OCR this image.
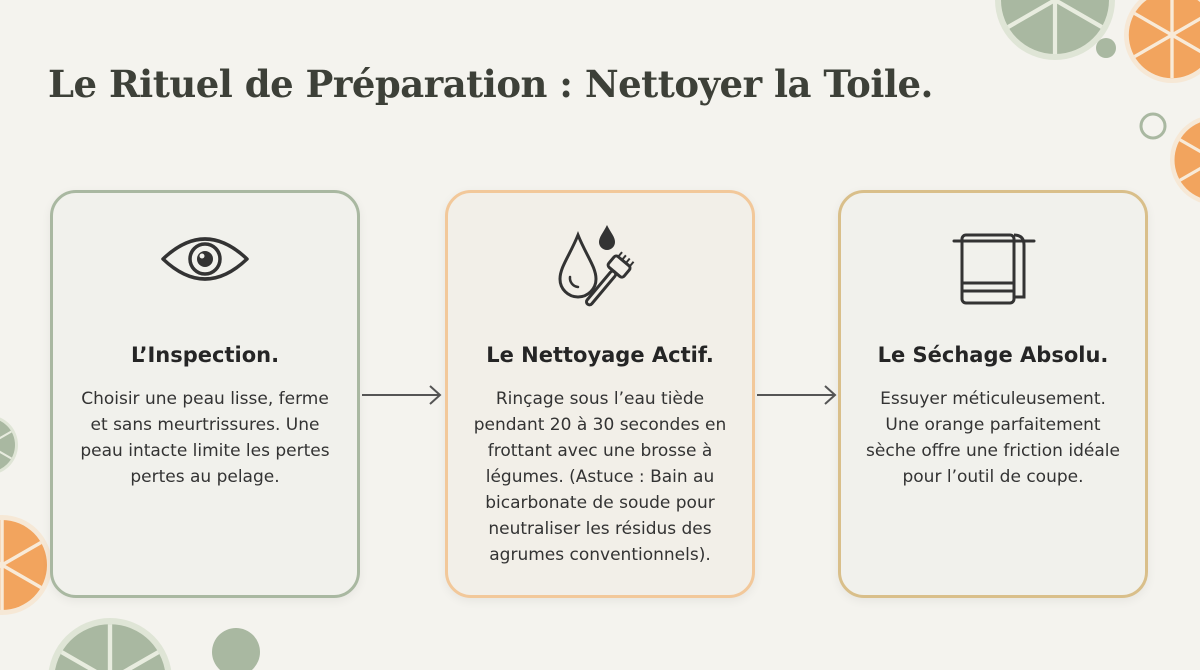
Le Rituel de Préparation : Nettoyer la Toile.
L’Inspection.

Choisir une peau lisse, ferme et sans meurtrissures. Une peau intacte limite les pertes pertes au pelage.

Le Nettoyage Actif.

Rinçage sous l’eau tiède pendant 20 à 30 secondes en frottant avec une brosse à légumes. (Astuce : Bain au bicarbonate de soude pour neutraliser les résidus des agrumes conventionnels).

Le Séchage Absolu.

Essuyer méticuleusement. Une orange parfaitement sèche offre une friction idéale pour l’outil de coupe.
